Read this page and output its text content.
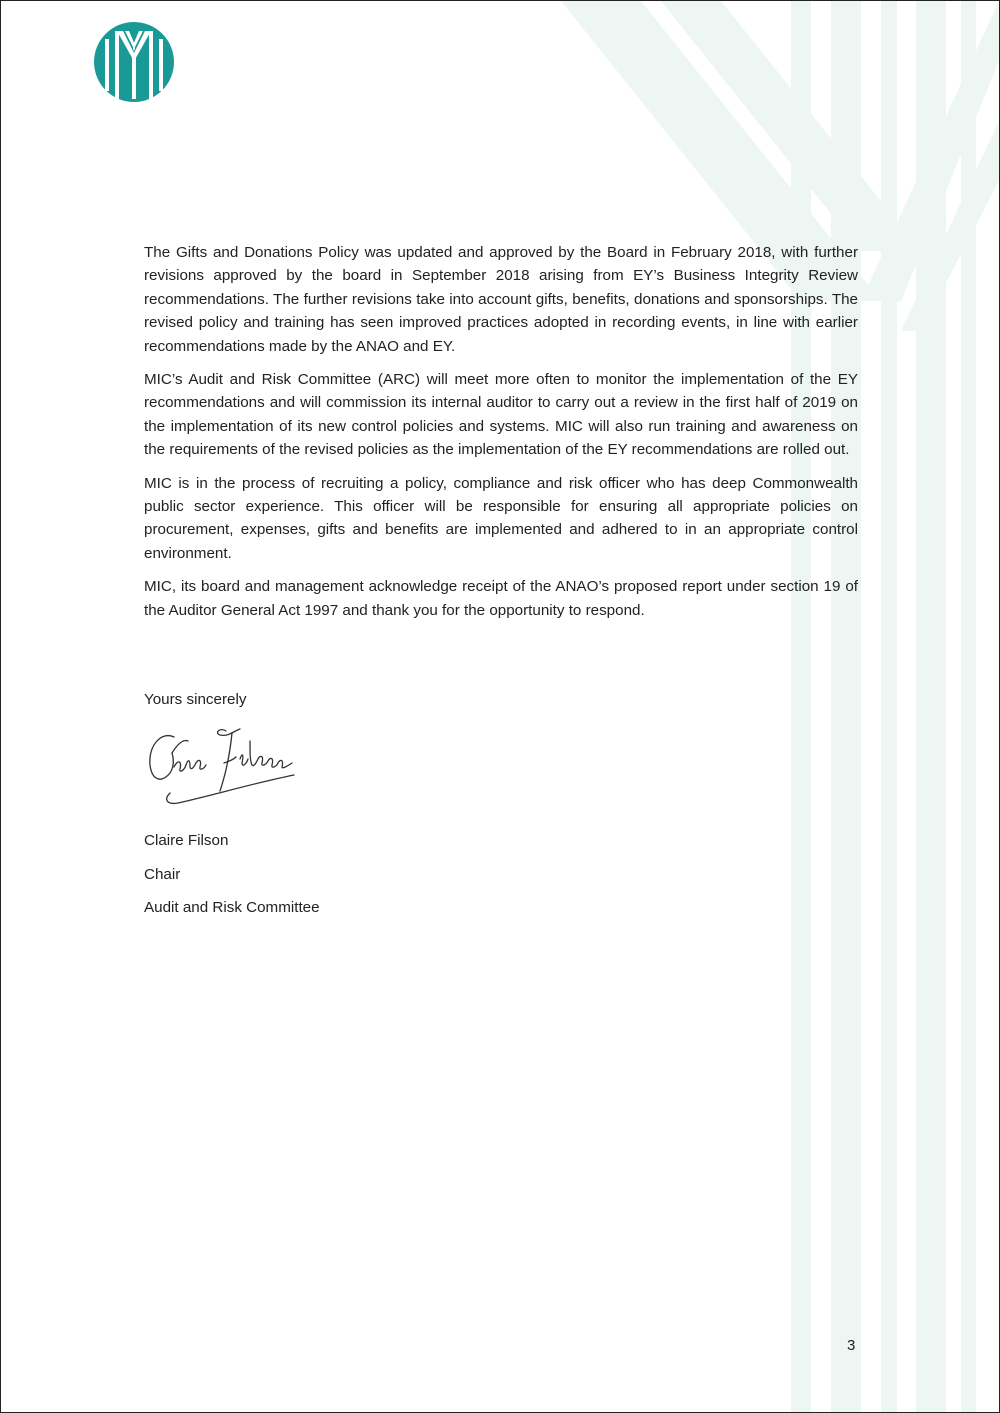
The Gifts and Donations Policy was updated and approved by the Board in February 2018, with further revisions approved by the board in September 2018 arising from EY’s Business Integrity Review recommendations. The further revisions take into account gifts, benefits, donations and sponsorships. The revised policy and training has seen improved practices adopted in recording events, in line with earlier recommendations made by the ANAO and EY.

MIC’s Audit and Risk Committee (ARC) will meet more often to monitor the implementation of the EY recommendations and will commission its internal auditor to carry out a review in the first half of 2019 on the implementation of its new control policies and systems. MIC will also run training and awareness on the requirements of the revised policies as the implementation of the EY recommendations are rolled out.

MIC is in the process of recruiting a policy, compliance and risk officer who has deep Commonwealth public sector experience. This officer will be responsible for ensuring all appropriate policies on procurement, expenses, gifts and benefits are implemented and adhered to in an appropriate control environment.

MIC, its board and management acknowledge receipt of the ANAO’s proposed report under section 19 of the Auditor General Act 1997 and thank you for the opportunity to respond.

Yours sincerely
Claire Filson
Chair
Audit and Risk Committee
3
